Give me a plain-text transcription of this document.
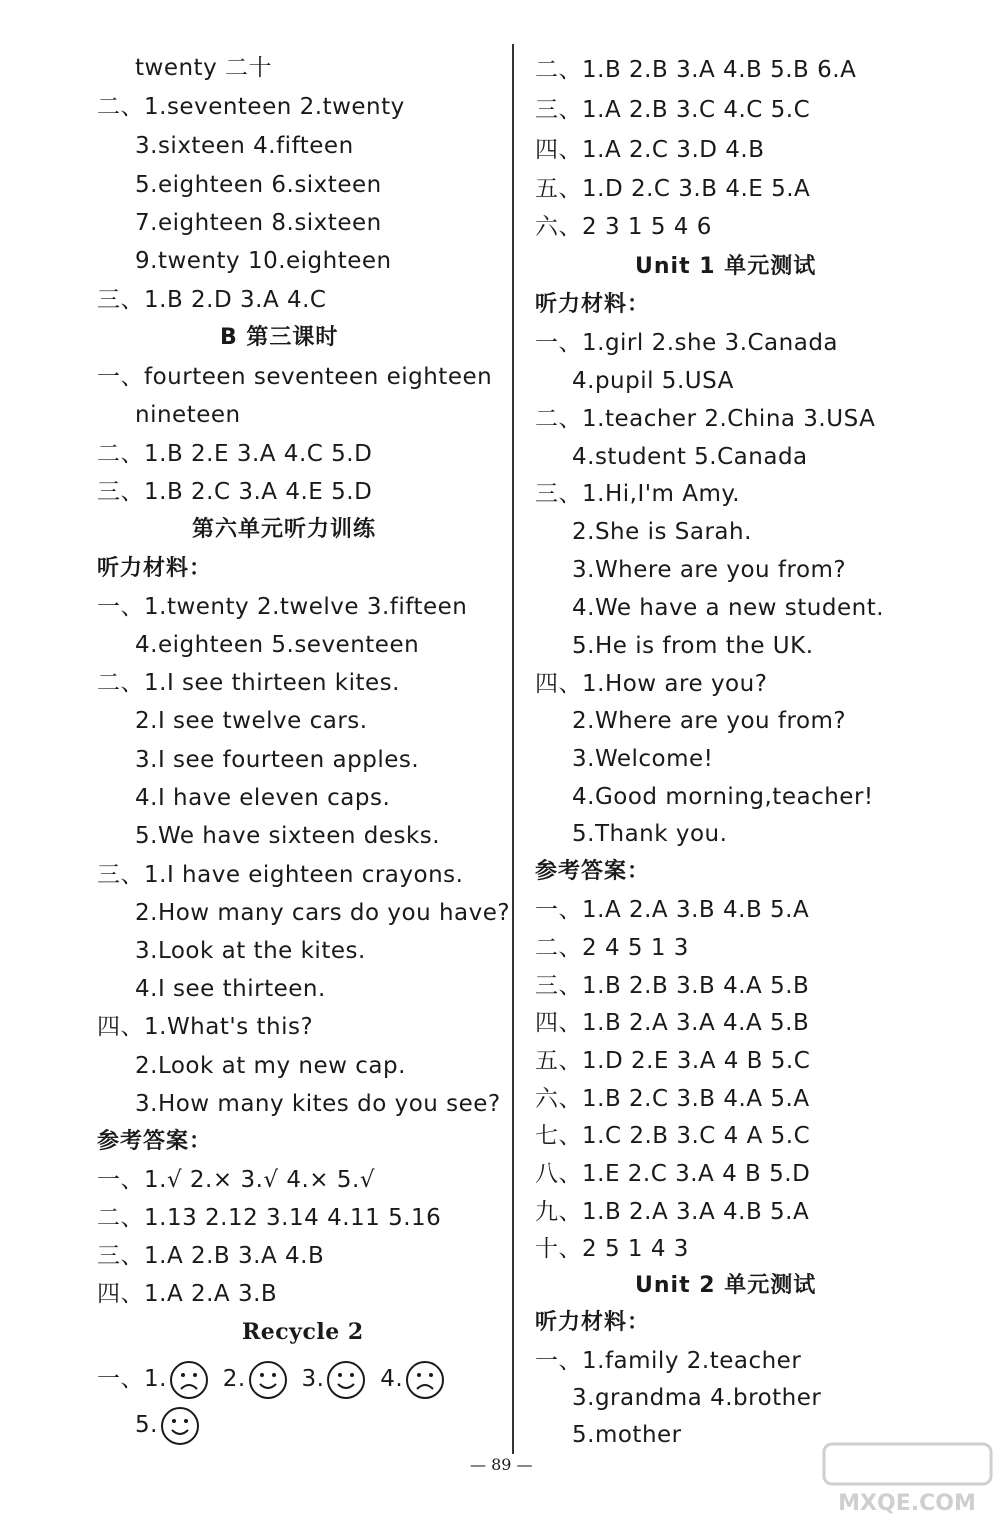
twenty 二十
二、1.seventeen 2.twenty
3.sixteen 4.fifteen
5.eighteen 6.sixteen
7.eighteen 8.sixteen
9.twenty 10.eighteen
三、1.B 2.D 3.A 4.C
B 第三课时
一、fourteen seventeen eighteen
nineteen
二、1.B 2.E 3.A 4.C 5.D
三、1.B 2.C 3.A 4.E 5.D
第六单元听力训练
听力材料：
一、1.twenty 2.twelve 3.fifteen
4.eighteen 5.seventeen
二、1.I see thirteen kites.
2.I see twelve cars.
3.I see fourteen apples.
4.I have eleven caps.
5.We have sixteen desks.
三、1.I have eighteen crayons.
2.How many cars do you have?
3.Look at the kites.
4.I see thirteen.
四、1.What's this?
2.Look at my new cap.
3.How many kites do you see?
参考答案：
一、1.√ 2.× 3.√ 4.× 5.√
二、1.13 2.12 3.14 4.11 5.16
三、1.A 2.B 3.A 4.B
四、1.A 2.A 3.B
Recycle 2
一、1. 2. 3. 4.
5.
二、1.B 2.B 3.A 4.B 5.B 6.A
三、1.A 2.B 3.C 4.C 5.C
四、1.A 2.C 3.D 4.B
五、1.D 2.C 3.B 4.E 5.A
六、2 3 1 5 4 6
Unit 1 单元测试
听力材料：
一、1.girl 2.she 3.Canada
4.pupil 5.USA
二、1.teacher 2.China 3.USA
4.student 5.Canada
三、1.Hi,I'm Amy.
2.She is Sarah.
3.Where are you from?
4.We have a new student.
5.He is from the UK.
四、1.How are you?
2.Where are you from?
3.Welcome!
4.Good morning,teacher!
5.Thank you.
参考答案：
一、1.A 2.A 3.B 4.B 5.A
二、2 4 5 1 3
三、1.B 2.B 3.B 4.A 5.B
四、1.B 2.A 3.A 4.A 5.B
五、1.D 2.E 3.A 4 B 5.C
六、1.B 2.C 3.B 4.A 5.A
七、1.C 2.B 3.C 4 A 5.C
八、1.E 2.C 3.A 4 B 5.D
九、1.B 2.A 3.A 4.B 5.A
十、2 5 1 4 3
Unit 2 单元测试
听力材料：
一、1.family 2.teacher
3.grandma 4.brother
5.mother
— 89 —
MXQE.COM
